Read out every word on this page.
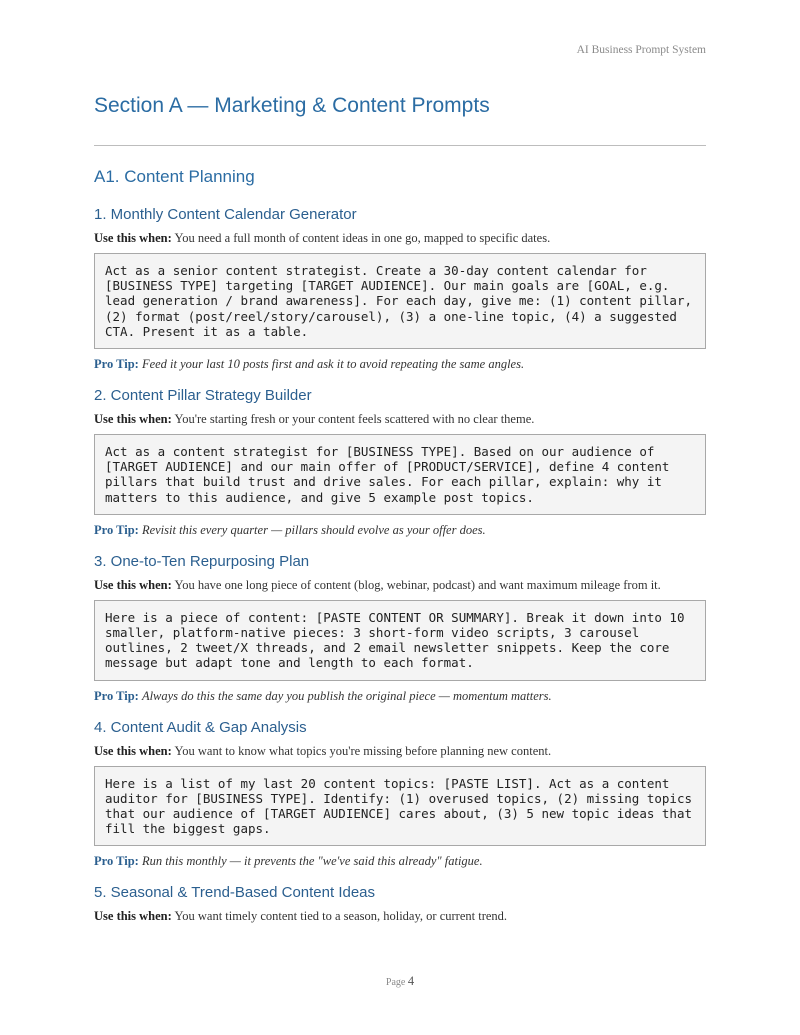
AI Business Prompt System
Section A — Marketing & Content Prompts
A1. Content Planning
1. Monthly Content Calendar Generator

Use this when: You need a full month of content ideas in one go, mapped to specific dates.

Act as a senior content strategist. Create a 30-day content calendar for [BUSINESS TYPE] targeting [TARGET AUDIENCE]. Our main goals are [GOAL, e.g. lead generation / brand awareness]. For each day, give me: (1) content pillar, (2) format (post/reel/story/carousel), (3) a one-line topic, (4) a suggested CTA. Present it as a table.

Pro Tip: Feed it your last 10 posts first and ask it to avoid repeating the same angles.

2. Content Pillar Strategy Builder

Use this when: You're starting fresh or your content feels scattered with no clear theme.

Act as a content strategist for [BUSINESS TYPE]. Based on our audience of [TARGET AUDIENCE] and our main offer of [PRODUCT/SERVICE], define 4 content pillars that build trust and drive sales. For each pillar, explain: why it matters to this audience, and give 5 example post topics.

Pro Tip: Revisit this every quarter — pillars should evolve as your offer does.

3. One-to-Ten Repurposing Plan

Use this when: You have one long piece of content (blog, webinar, podcast) and want maximum mileage from it.

Here is a piece of content: [PASTE CONTENT OR SUMMARY]. Break it down into 10 smaller, platform-native pieces: 3 short-form video scripts, 3 carousel outlines, 2 tweet/X threads, and 2 email newsletter snippets. Keep the core message but adapt tone and length to each format.

Pro Tip: Always do this the same day you publish the original piece — momentum matters.

4. Content Audit & Gap Analysis

Use this when: You want to know what topics you're missing before planning new content.

Here is a list of my last 20 content topics: [PASTE LIST]. Act as a content auditor for [BUSINESS TYPE]. Identify: (1) overused topics, (2) missing topics that our audience of [TARGET AUDIENCE] cares about, (3) 5 new topic ideas that fill the biggest gaps.

Pro Tip: Run this monthly — it prevents the "we've said this already" fatigue.

5. Seasonal & Trend-Based Content Ideas

Use this when: You want timely content tied to a season, holiday, or current trend.

Page 4
